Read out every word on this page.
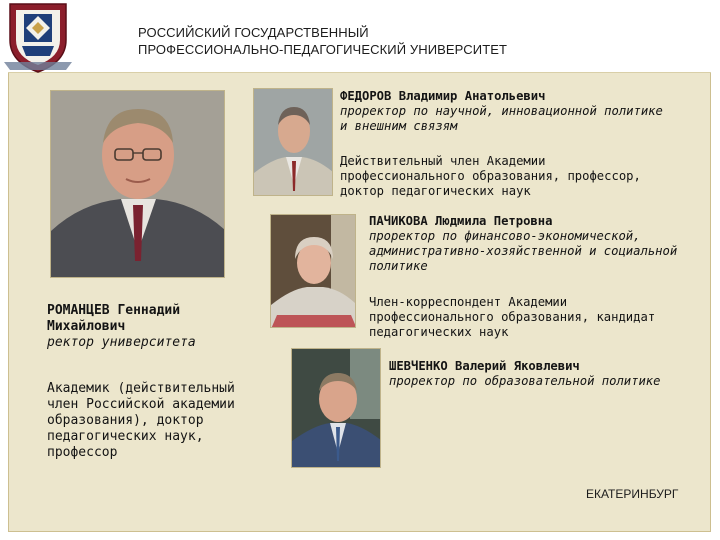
РОССИЙСКИЙ ГОСУДАРСТВЕННЫЙ
ПРОФЕССИОНАЛЬНО-ПЕДАГОГИЧЕСКИЙ УНИВЕРСИТЕТ
ФЕДОРОВ Владимир Анатольевич
проректор по научной, инновационной политике
и внешним связям
Действительный член Академии
профессионального образования, профессор,
доктор педагогических наук
ПАЧИКОВА Людмила Петровна
проректор по финансово-экономической,
административно-хозяйственной и социальной
политике
Член-корреспондент Академии
профессионального образования, кандидат
педагогических наук
ШЕВЧЕНКО Валерий Яковлевич
проректор по образовательной политике
РОМАНЦЕВ Геннадий
Михайлович
ректор университета
Академик (действительный
член Российской академии
образования), доктор
педагогических наук,
профессор
ЕКАТЕРИНБУРГ
